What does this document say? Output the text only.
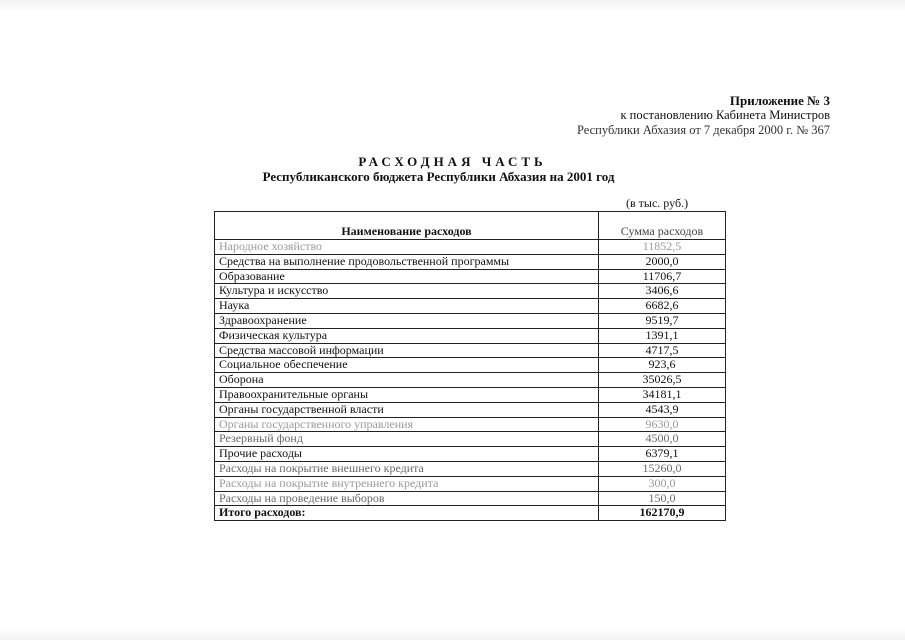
Приложение № 3
к постановлению Кабинета Министров
Республики Абхазия от 7 декабря 2000 г. № 367
РАСХОДНАЯ ЧАСТЬ
Республиканского бюджета Республики Абхазия на 2001 год
(в тыс. руб.)
Наименование расходов	Сумма расходов
Народное хозяйство	11852,5
Средства на выполнение продовольственной программы	2000,0
Образование	11706,7
Культура и искусство	3406,6
Наука	6682,6
Здравоохранение	9519,7
Физическая культура	1391,1
Средства массовой информации	4717,5
Социальное обеспечение	923,6
Оборона	35026,5
Правоохранительные органы	34181,1
Органы государственной власти	4543,9
Органы государственного управления	9630,0
Резервный фонд	4500,0
Прочие расходы	6379,1
Расходы на покрытие внешнего кредита	15260,0
Расходы на покрытие внутреннего кредита	300,0
Расходы на проведение выборов	150,0
Итого расходов:	162170,9
